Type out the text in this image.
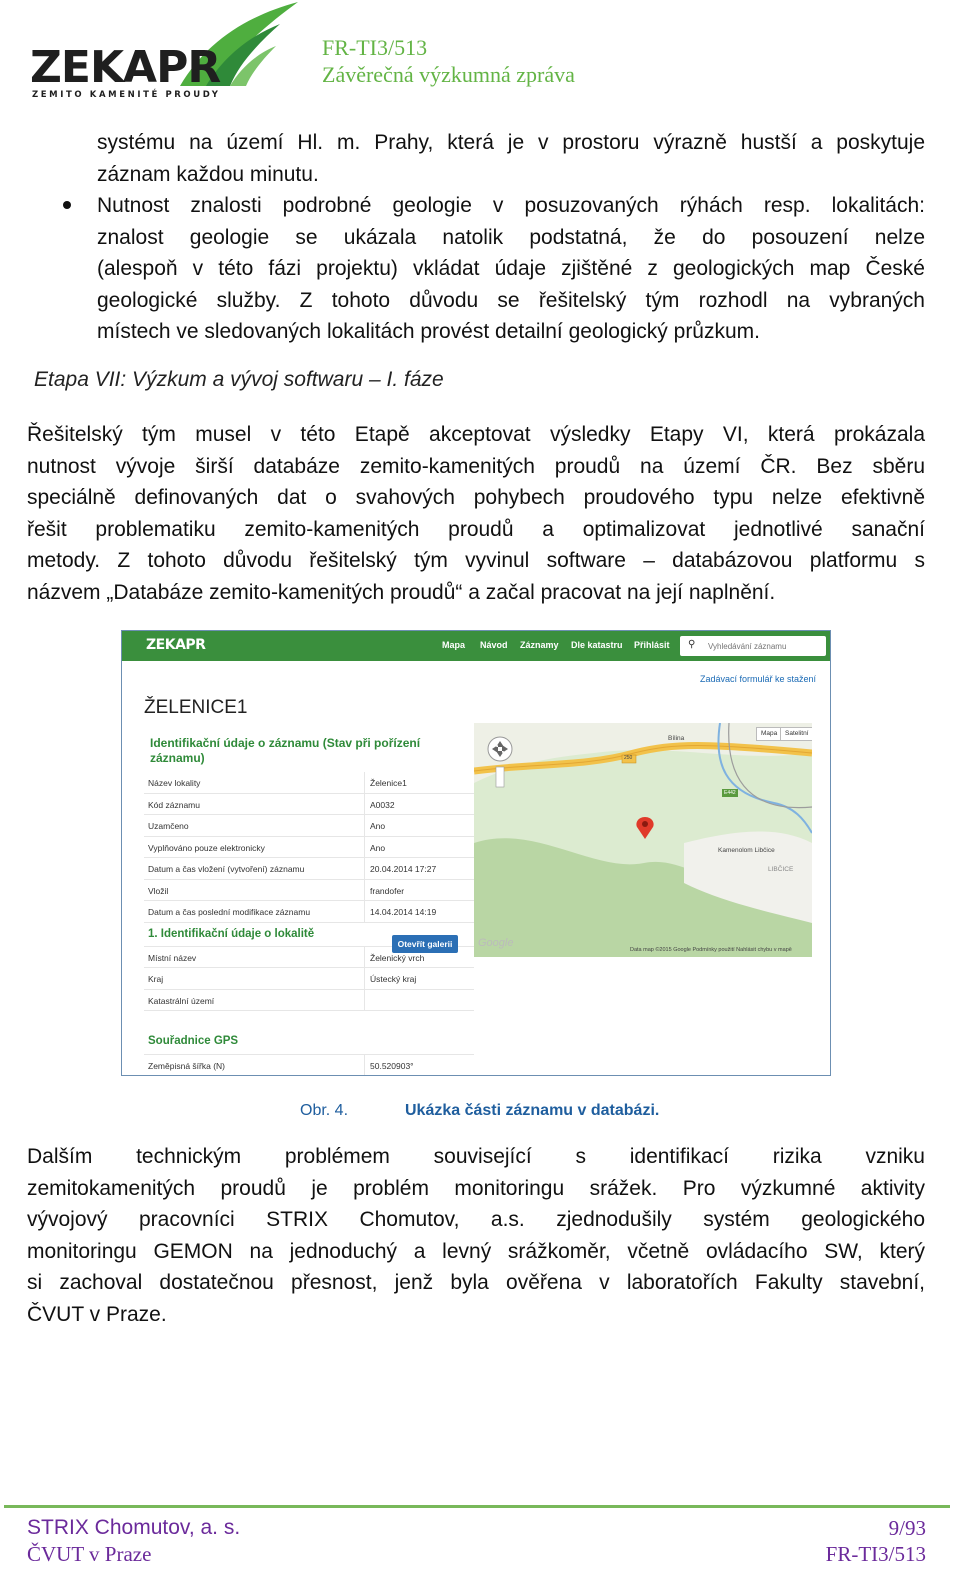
ZEKAPR
ZEMITO KAMENITÉ PROUDY
FR-TI3/513
Závěrečná výzkumná zpráva
systému na území Hl. m. Prahy, která je v prostoru výrazně hustší a poskytuje
záznam každou minutu.
Nutnost znalosti podrobné geologie v posuzovaných rýhách resp. lokalitách:
znalost geologie se ukázala natolik podstatná, že do posouzení nelze
(alespoň v této fázi projektu) vkládat údaje zjištěné z geologických map České
geologické služby. Z tohoto důvodu se řešitelský tým rozhodl na vybraných
místech ve sledovaných lokalitách provést detailní geologický průzkum.
Etapa VII: Výzkum a vývoj softwaru – I. fáze
Řešitelský tým musel v této Etapě akceptovat výsledky Etapy VI, která prokázala
nutnost vývoje širší databáze zemito-kamenitých proudů na území ČR. Bez sběru
speciálně definovaných dat o svahových pohybech proudového typu nelze efektivně
řešit problematiku zemito-kamenitých proudů a optimalizovat jednotlivé sanační
metody. Z tohoto důvodu řešitelský tým vyvinul software – databázovou platformu s
názvem „Databáze zemito-kamenitých proudů“ a začal pracovat na její naplnění.
ZEKAPR	Mapa Návod Záznamy Dle katastru Přihlásit ⚲
Vyhledávání záznamu
Zadávací formulář ke stažení
ŽELENICE1
Identifikační údaje o záznamu (Stav při pořízení záznamu)
Název lokality	Želenice1
Kód záznamu	A0032
Uzamčeno	Ano
Vyplňováno pouze elektronicky	Ano
Datum a čas vložení (vytvoření) záznamu	20.04.2014 17:27
Vložil	frandofer
Datum a čas poslední modifikace záznamu	14.04.2014 14:19
1. Identifikační údaje o lokalitě
Místní název	Želenický vrch
Kraj	Ústecký kraj
Katastrální území
Souřadnice GPS
Zeměpisná šířka (N)	50.520903°
Otevřít galerii
Mapa	Satelitní
Bílina
250
E442
Kamenolom Libčice
LIBČICE
Google
Data map ©2015 Google Podmínky použití Nahlásit chybu v mapě
Obr. 4.	Ukázka části záznamu v databázi.
Dalším technickým problémem související s identifikací rizika vzniku
zemitokamenitých proudů je problém monitoringu srážek. Pro výzkumné aktivity
vývojový pracovníci STRIX Chomutov, a.s. zjednodušily systém geologického
monitoringu GEMON na jednoduchý a levný srážkoměr, včetně ovládacího SW, který
si zachoval dostatečnou přesnost, jenž byla ověřena v laboratořích Fakulty stavební,
ČVUT v Praze.
STRIX Chomutov, a. s.
ČVUT v Praze
9/93
FR-TI3/513
